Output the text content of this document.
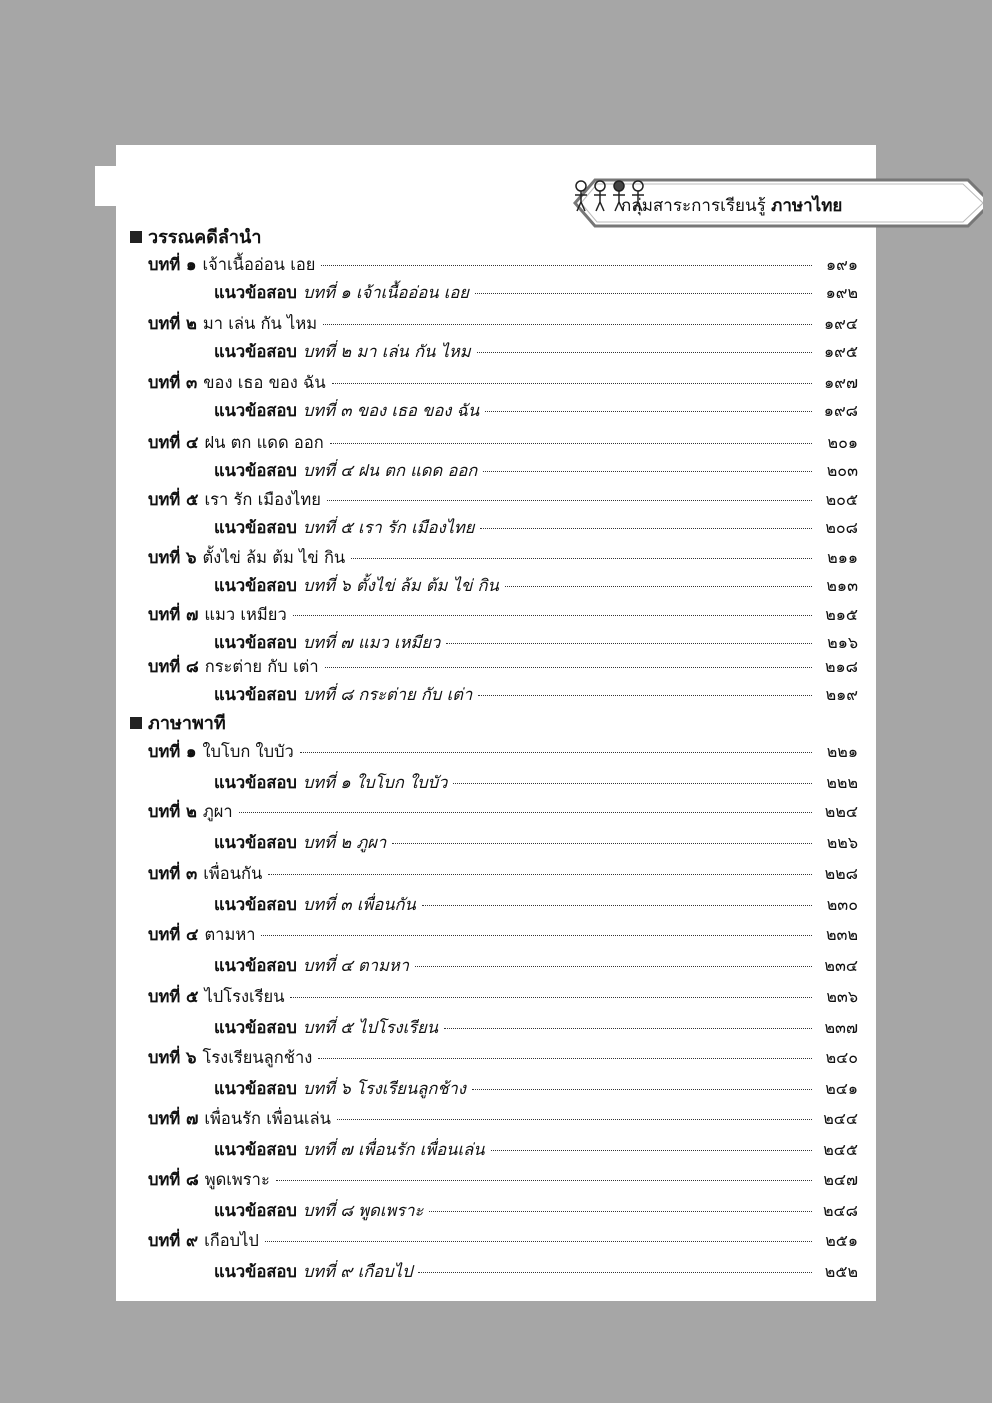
กลุ่มสาระการเรียนรู้ ภาษาไทย
วรรณคดีลำนำ
บทที่ ๑ เจ้าเนื้ออ่อน เอย	๑๙๑
แนวข้อสอบ บทที่ ๑ เจ้าเนื้ออ่อน เอย	๑๙๒
บทที่ ๒ มา เล่น กัน ไหม	๑๙๔
แนวข้อสอบ บทที่ ๒ มา เล่น กัน ไหม	๑๙๕
บทที่ ๓ ของ เธอ ของ ฉัน	๑๙๗
แนวข้อสอบ บทที่ ๓ ของ เธอ ของ ฉัน	๑๙๘
บทที่ ๔ ฝน ตก แดด ออก	๒๐๑
แนวข้อสอบ บทที่ ๔ ฝน ตก แดด ออก	๒๐๓
บทที่ ๕ เรา รัก เมืองไทย	๒๐๕
แนวข้อสอบ บทที่ ๕ เรา รัก เมืองไทย	๒๐๘
บทที่ ๖ ตั้งไข่ ล้ม ต้ม ไข่ กิน	๒๑๑
แนวข้อสอบ บทที่ ๖ ตั้งไข่ ล้ม ต้ม ไข่ กิน	๒๑๓
บทที่ ๗ แมว เหมียว	๒๑๕
แนวข้อสอบ บทที่ ๗ แมว เหมียว	๒๑๖
บทที่ ๘ กระต่าย กับ เต่า	๒๑๘
แนวข้อสอบ บทที่ ๘ กระต่าย กับ เต่า	๒๑๙
ภาษาพาที
บทที่ ๑ ใบโบก ใบบัว	๒๒๑
แนวข้อสอบ บทที่ ๑ ใบโบก ใบบัว	๒๒๒
บทที่ ๒ ภูผา	๒๒๔
แนวข้อสอบ บทที่ ๒ ภูผา	๒๒๖
บทที่ ๓ เพื่อนกัน	๒๒๘
แนวข้อสอบ บทที่ ๓ เพื่อนกัน	๒๓๐
บทที่ ๔ ตามหา	๒๓๒
แนวข้อสอบ บทที่ ๔ ตามหา	๒๓๔
บทที่ ๕ ไปโรงเรียน	๒๓๖
แนวข้อสอบ บทที่ ๕ ไปโรงเรียน	๒๓๗
บทที่ ๖ โรงเรียนลูกช้าง	๒๔๐
แนวข้อสอบ บทที่ ๖ โรงเรียนลูกช้าง	๒๔๑
บทที่ ๗ เพื่อนรัก เพื่อนเล่น	๒๔๔
แนวข้อสอบ บทที่ ๗ เพื่อนรัก เพื่อนเล่น	๒๔๕
บทที่ ๘ พูดเพราะ	๒๔๗
แนวข้อสอบ บทที่ ๘ พูดเพราะ	๒๔๘
บทที่ ๙ เกือบไป	๒๕๑
แนวข้อสอบ บทที่ ๙ เกือบไป	๒๕๒
